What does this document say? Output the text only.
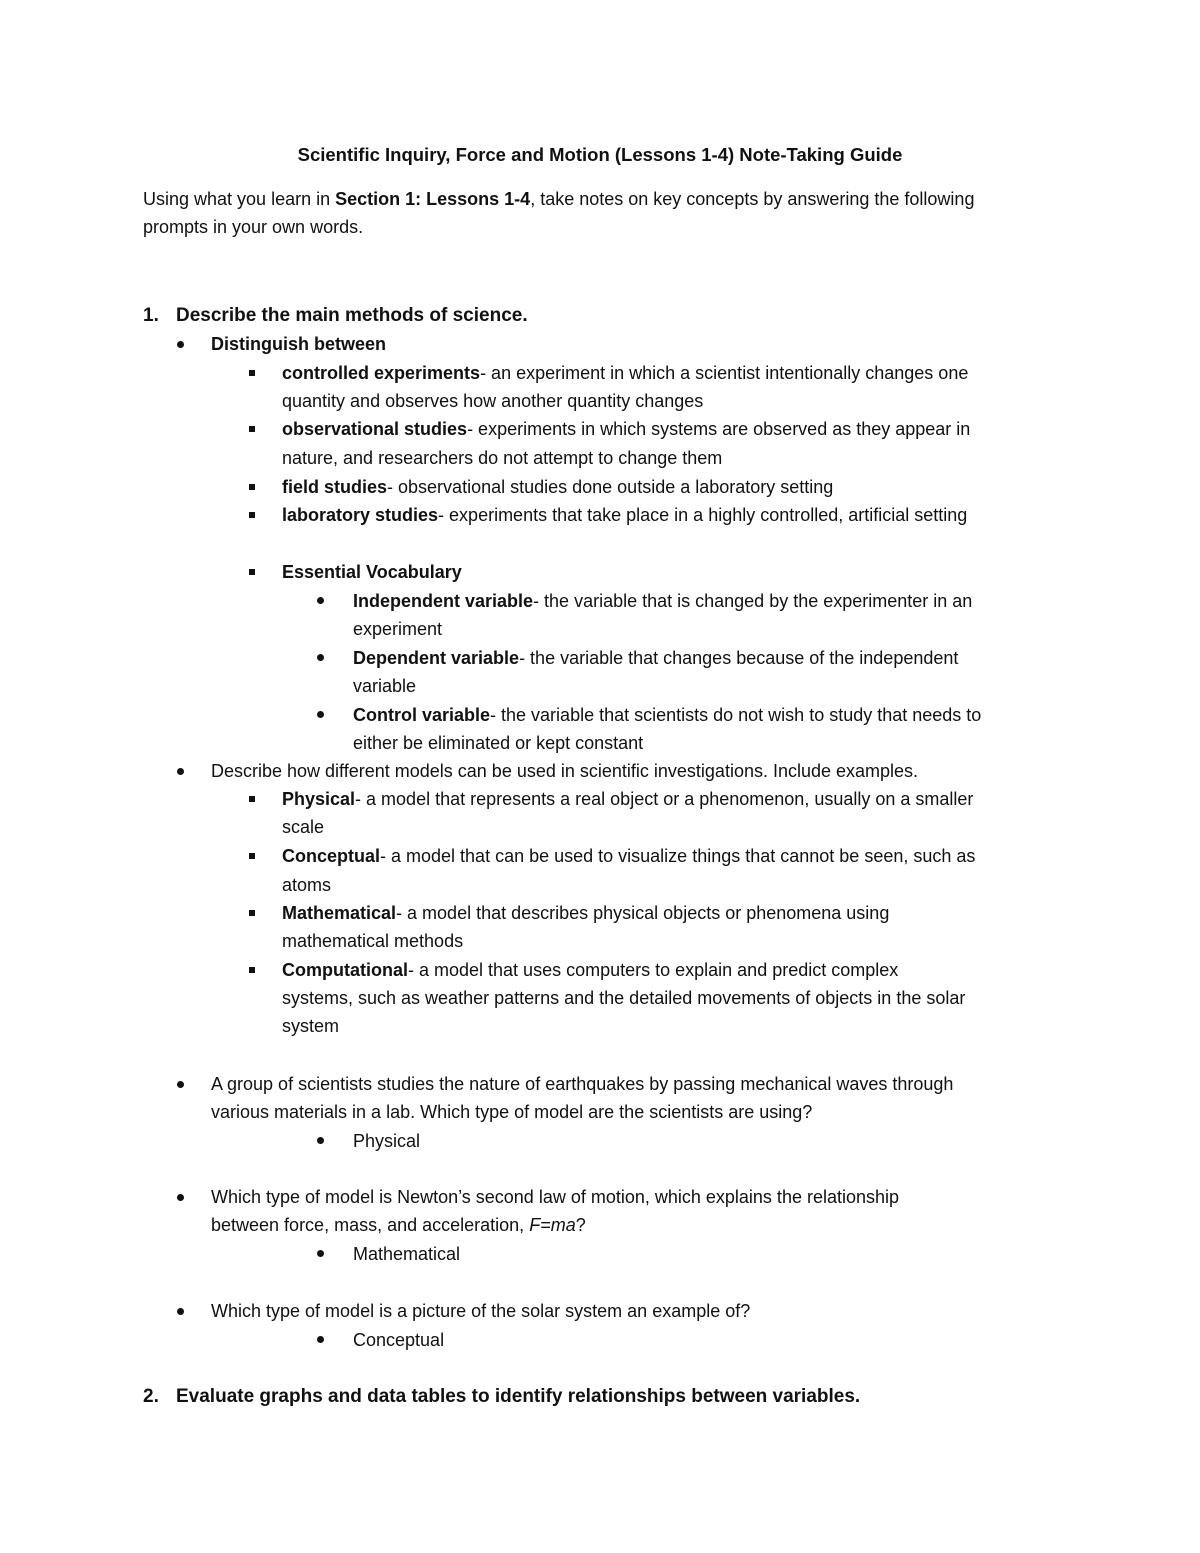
Scientific Inquiry, Force and Motion (Lessons 1-4) Note-Taking Guide
Using what you learn in Section 1: Lessons 1-4, take notes on key concepts by answering the following
prompts in your own words.
1. Describe the main methods of science.
Distinguish between
controlled experiments- an experiment in which a scientist intentionally changes one
quantity and observes how another quantity changes
observational studies- experiments in which systems are observed as they appear in
nature, and researchers do not attempt to change them
field studies- observational studies done outside a laboratory setting
laboratory studies- experiments that take place in a highly controlled, artificial setting
Essential Vocabulary
Independent variable- the variable that is changed by the experimenter in an
experiment
Dependent variable- the variable that changes because of the independent
variable
Control variable- the variable that scientists do not wish to study that needs to
either be eliminated or kept constant
Describe how different models can be used in scientific investigations. Include examples.
Physical- a model that represents a real object or a phenomenon, usually on a smaller
scale
Conceptual- a model that can be used to visualize things that cannot be seen, such as
atoms
Mathematical- a model that describes physical objects or phenomena using
mathematical methods
Computational- a model that uses computers to explain and predict complex
systems, such as weather patterns and the detailed movements of objects in the solar
system
A group of scientists studies the nature of earthquakes by passing mechanical waves through
various materials in a lab. Which type of model are the scientists are using?
Physical
Which type of model is Newton’s second law of motion, which explains the relationship
between force, mass, and acceleration, F=ma?
Mathematical
Which type of model is a picture of the solar system an example of?
Conceptual
2. Evaluate graphs and data tables to identify relationships between variables.
